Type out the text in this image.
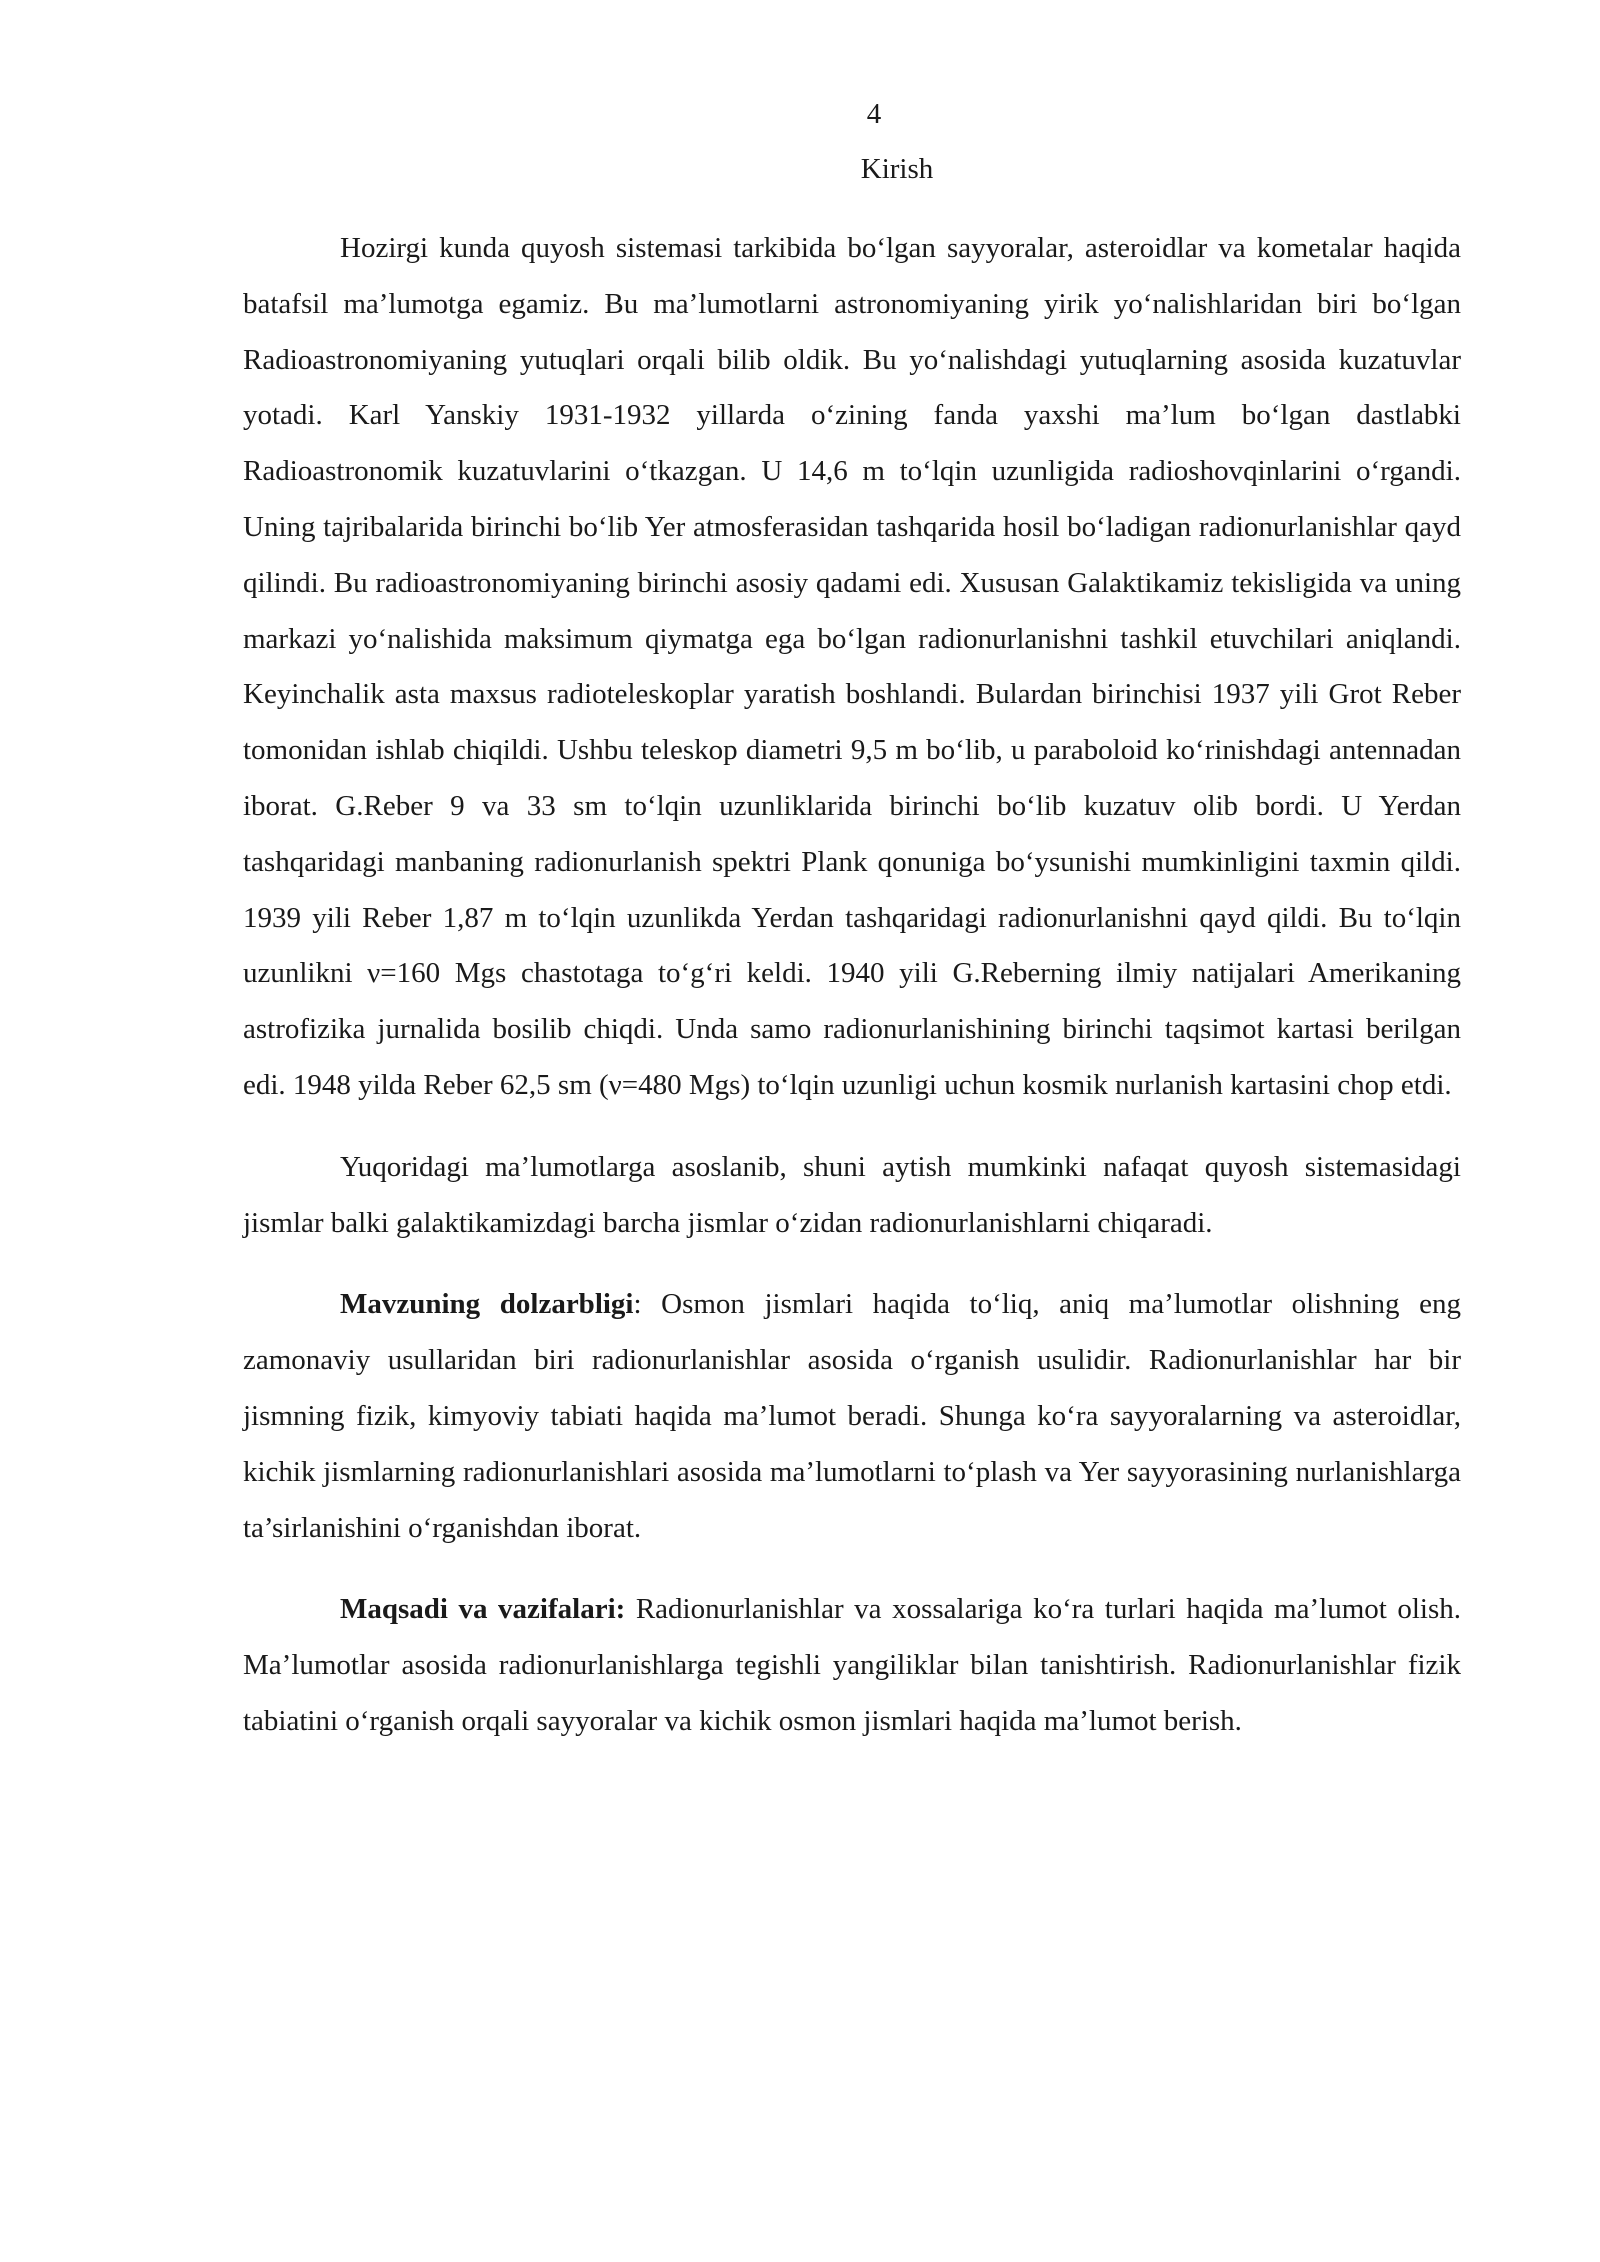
4
Kirish

Hozirgi kunda quyosh sistemasi tarkibida bo‘lgan sayyoralar, asteroidlar va kometalar haqida batafsil ma’lumotga egamiz. Bu ma’lumotlarni astronomiyaning yirik yo‘nalishlaridan biri bo‘lgan Radioastronomiyaning yutuqlari orqali bilib oldik. Bu yo‘nalishdagi yutuqlarning asosida kuzatuvlar yotadi. Karl Yanskiy 1931-1932 yillarda o‘zining fanda yaxshi ma’lum bo‘lgan dastlabki Radioastronomik kuzatuvlarini o‘tkazgan. U 14,6 m to‘lqin uzunligida radioshovqinlarini o‘rgandi. Uning tajribalarida birinchi bo‘lib Yer atmosferasidan tashqarida hosil bo‘ladigan radionurlanishlar qayd qilindi. Bu radioastronomiyaning birinchi asosiy qadami edi. Xususan Galaktikamiz tekisligida va uning markazi yo‘nalishida maksimum qiymatga ega bo‘lgan radionurlanishni tashkil etuvchilari aniqlandi. Keyinchalik asta maxsus radioteleskoplar yaratish boshlandi. Bulardan birinchisi 1937 yili Grot Reber tomonidan ishlab chiqildi. Ushbu teleskop diametri 9,5 m bo‘lib, u paraboloid ko‘rinishdagi antennadan iborat. G.Reber 9 va 33 sm to‘lqin uzunliklarida birinchi bo‘lib kuzatuv olib bordi. U Yerdan tashqaridagi manbaning radionurlanish spektri Plank qonuniga bo‘ysunishi mumkinligini taxmin qildi. 1939 yili Reber 1,87 m to‘lqin uzunlikda Yerdan tashqaridagi radionurlanishni qayd qildi. Bu to‘lqin uzunlikni ν=160 Mgs chastotaga to‘g‘ri keldi. 1940 yili G.Reberning ilmiy natijalari Amerikaning astrofizika jurnalida bosilib chiqdi. Unda samo radionurlanishining birinchi taqsimot kartasi berilgan edi. 1948 yilda Reber 62,5 sm (ν=480 Mgs) to‘lqin uzunligi uchun kosmik nurlanish kartasini chop etdi.

Yuqoridagi ma’lumotlarga asoslanib, shuni aytish mumkinki nafaqat quyosh sistemasidagi jismlar balki galaktikamizdagi barcha jismlar o‘zidan radionurlanishlarni chiqaradi.

Mavzuning dolzarbligi: Osmon jismlari haqida to‘liq, aniq ma’lumotlar olishning eng zamonaviy usullaridan biri radionurlanishlar asosida o‘rganish usulidir. Radionurlanishlar har bir jismning fizik, kimyoviy tabiati haqida ma’lumot beradi. Shunga ko‘ra sayyoralarning va asteroidlar, kichik jismlarning radionurlanishlari asosida ma’lumotlarni to‘plash va Yer sayyorasining nurlanishlarga ta’sirlanishini o‘rganishdan iborat.

Maqsadi va vazifalari: Radionurlanishlar va xossalariga ko‘ra turlari haqida ma’lumot olish. Ma’lumotlar asosida radionurlanishlarga tegishli yangiliklar bilan tanishtirish. Radionurlanishlar fizik tabiatini o‘rganish orqali sayyoralar va kichik osmon jismlari haqida ma’lumot berish.
